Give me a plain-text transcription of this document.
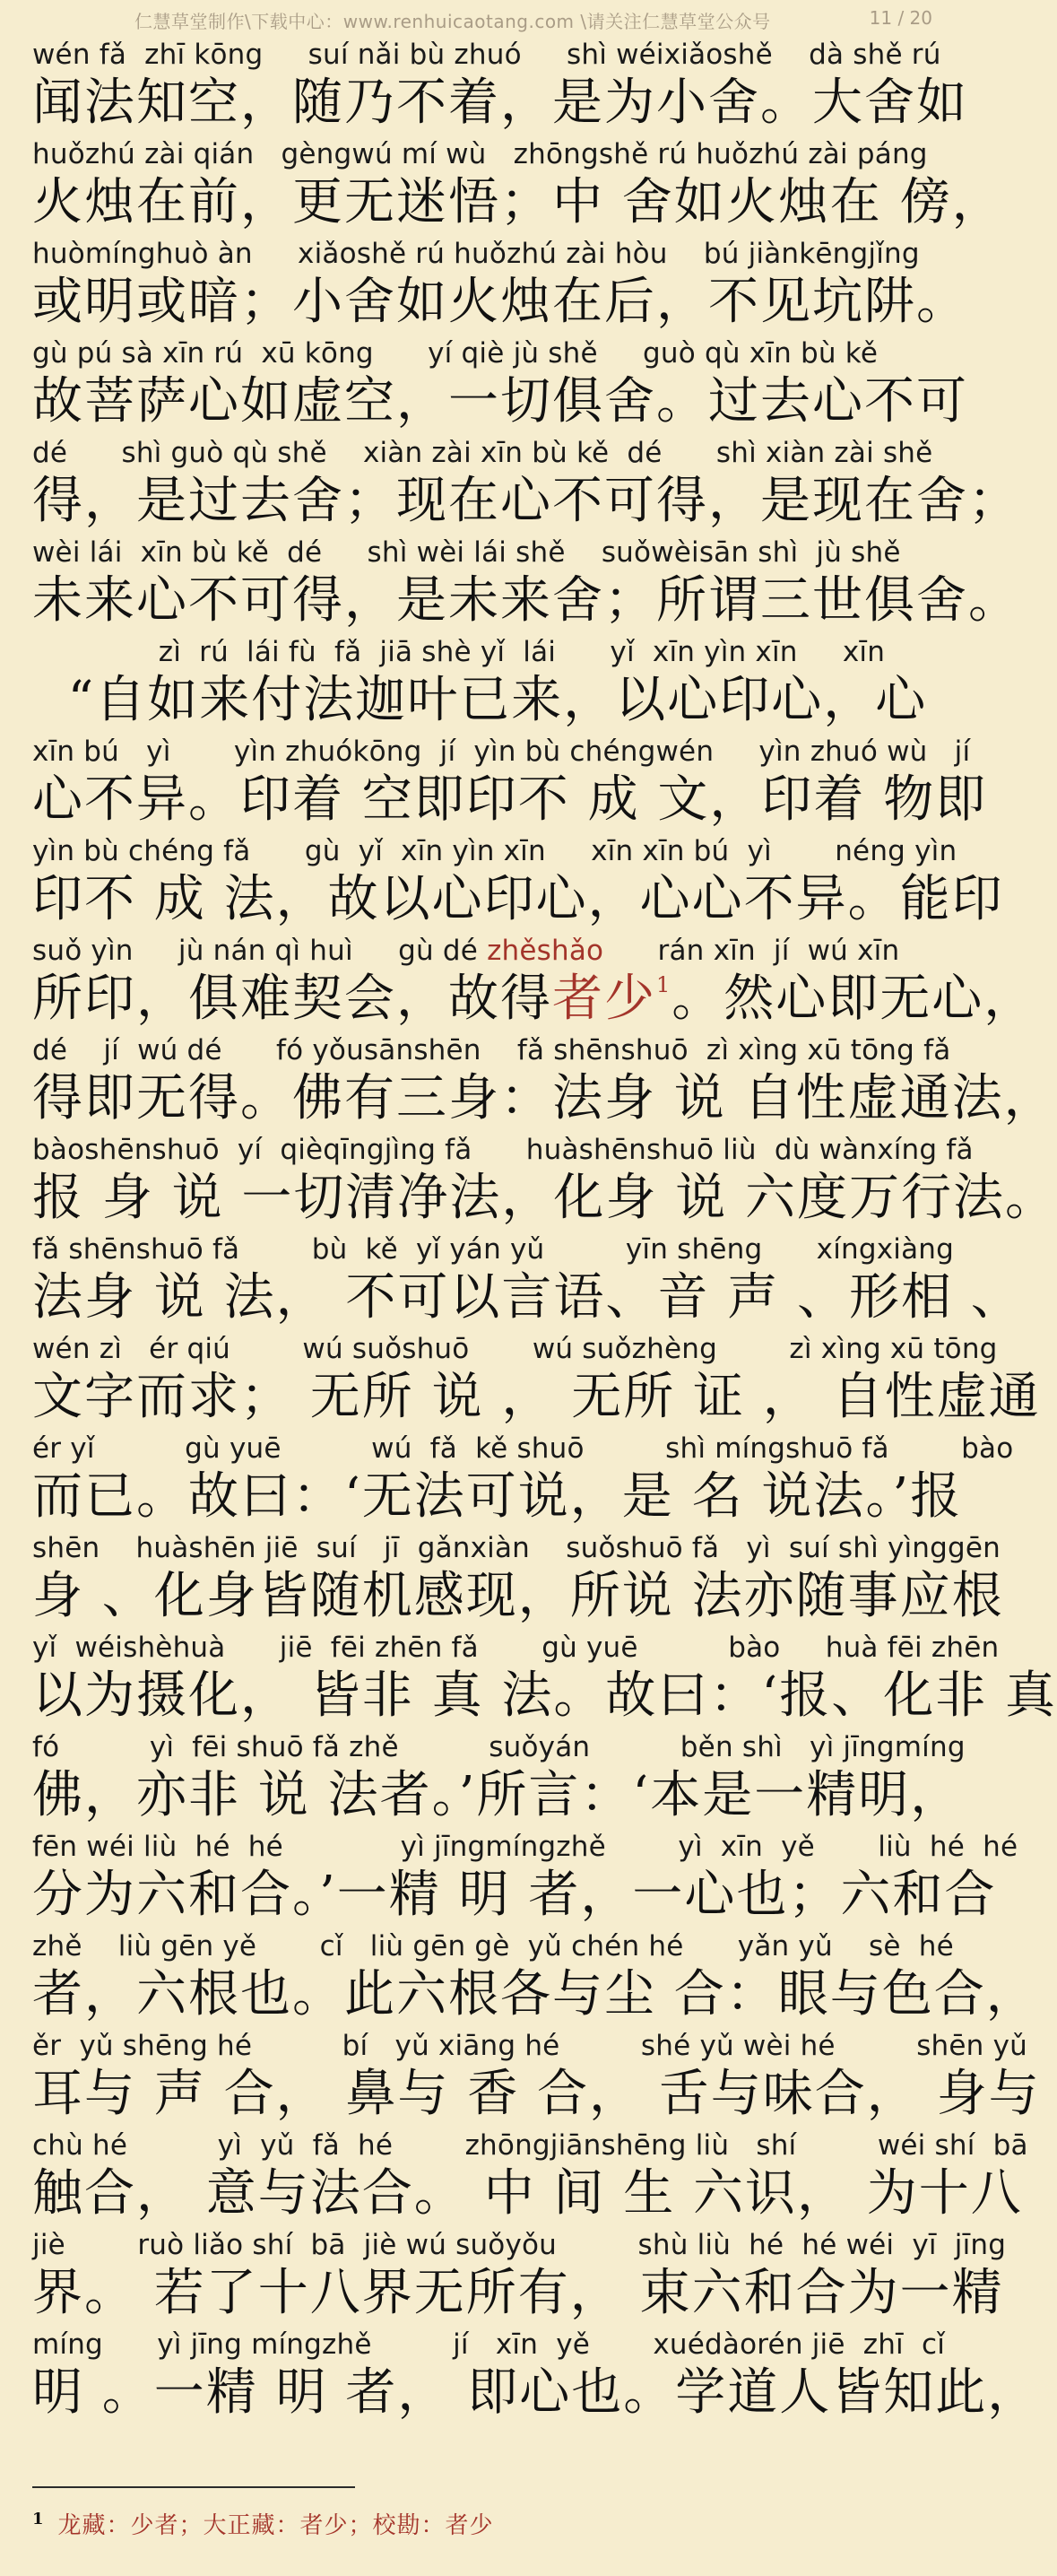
仁慧草堂制作\下载中心：www.renhuicaotang.com \请关注仁慧草堂公众号	11 / 20
wén fǎ  zhī kōng     suí nǎi bù zhuó     shì wéixiǎoshě    dà shě rú
闻法知空，随乃不着，是为小舍。大舍如
huǒzhú zài qián   gèngwú mí wù   zhōngshě rú huǒzhú zài páng
火烛在前，更无迷悟；中 舍如火烛在 傍，
huòmínghuò àn     xiǎoshě rú huǒzhú zài hòu    bú jiànkēngjǐng
或明或暗；小舍如火烛在后，不见坑阱。
gù pú sà xīn rú  xū kōng      yí qiè jù shě     guò qù xīn bù kě
故菩萨心如虚空，一切俱舍。过去心不可
dé      shì guò qù shě    xiàn zài xīn bù kě  dé      shì xiàn zài shě
得，是过去舍；现在心不可得，是现在舍；
wèi lái  xīn bù kě  dé     shì wèi lái shě    suǒwèisān shì  jù shě
未来心不可得，是未来舍；所谓三世俱舍。
zì  rú  lái fù  fǎ  jiā shè yǐ  lái      yǐ  xīn yìn xīn     xīn
“自如来付法迦叶已来，以心印心，心
xīn bú   yì       yìn zhuókōng  jí  yìn bù chéngwén     yìn zhuó wù   jí
心不异。印着 空即印不 成 文，印着 物即
yìn bù chéng fǎ      gù  yǐ  xīn yìn xīn     xīn xīn bú  yì       néng yìn
印不 成 法，故以心印心，心心不异。能印
suǒ yìn     jù nán qì huì     gù dé zhěshǎo      rán xīn  jí  wú xīn
所印，俱难契会，故得者少$^1$。然心即无心，
dé    jí  wú dé      fó yǒusānshēn    fǎ shēnshuō  zì xìng xū tōng fǎ
得即无得。佛有三身：法身 说 自性虚通法，
bàoshēnshuō  yí  qièqīngjìng fǎ      huàshēnshuō liù  dù wànxíng fǎ
报 身 说 一切清净法，化身 说 六度万行法。
fǎ shēnshuō fǎ        bù  kě  yǐ yán yǔ         yīn shēng      xíngxiàng
法身 说 法， 不可以言语、音 声 、形相 、
wén zì   ér qiú        wú suǒshuō       wú suǒzhèng        zì xìng xū tōng
文字而求； 无所 说 ， 无所 证 ， 自性虚通
ér yǐ          gù yuē          wú  fǎ  kě shuō         shì míngshuō fǎ        bào
而已。故曰：‘无法可说，是 名 说法。’报
shēn    huàshēn jiē  suí   jī  gǎnxiàn    suǒshuō fǎ   yì  suí shì yìnggēn
身 、化身皆随机感现，所说 法亦随事应根
yǐ  wéishèhuà      jiē  fēi zhēn fǎ       gù yuē          bào     huà fēi zhēn
以为摄化， 皆非 真 法。故曰：‘报、化非 真
fó          yì  fēi shuō fǎ zhě          suǒyán          běn shì   yì jīngmíng
佛，亦非 说 法者。’所言：‘本是一精明，
fēn wéi liù  hé  hé             yì jīngmíngzhě        yì  xīn  yě       liù  hé  hé
分为六和合。’一精 明 者，一心也；六和合
zhě    liù gēn yě       cǐ   liù gēn gè  yǔ chén hé      yǎn yǔ    sè  hé
者，六根也。此六根各与尘 合：眼与色合，
ěr  yǔ shēng hé          bí   yǔ xiāng hé         shé yǔ wèi hé         shēn yǔ
耳与 声 合， 鼻与 香 合， 舌与味合， 身与
chù hé          yì  yǔ  fǎ  hé        zhōngjiānshēng liù   shí         wéi shí  bā
触合， 意与法合。 中 间 生 六识， 为十八
jiè        ruò liǎo shí  bā  jiè wú suǒyǒu         shù liù  hé  hé wéi  yī  jīng
界。 若了十八界无所有， 束六和合为一精
míng      yì jīng míngzhě         jí   xīn  yě       xuédàorén jiē  zhī  cǐ
明 。一精 明 者， 即心也。学道人皆知此，
$^1$ 龙藏：少者；大正藏：者少；校勘：者少
